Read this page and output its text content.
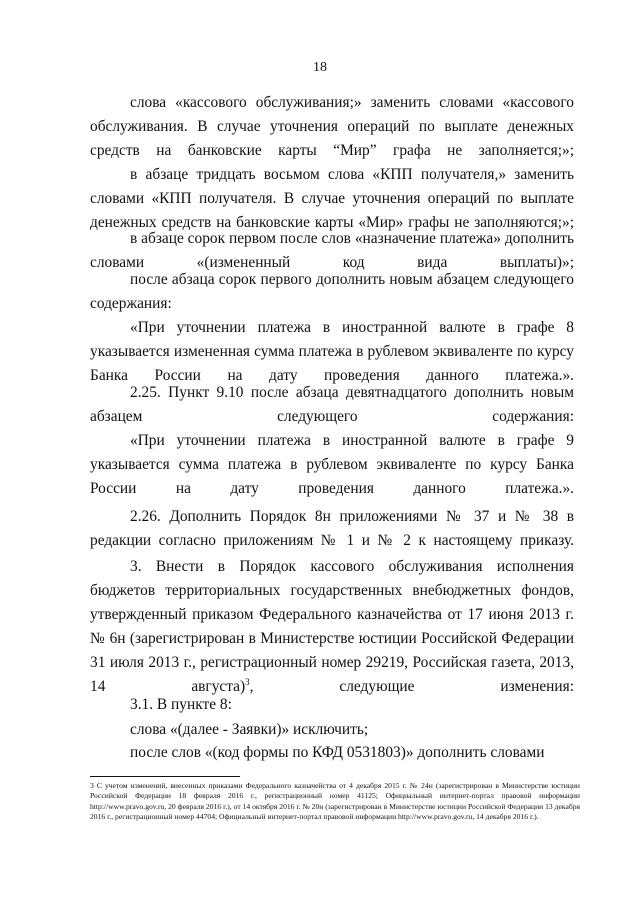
18
слова «кассового обслуживания;» заменить словами «кассового обслуживания. В случае уточнения операций по выплате денежных средств на банковские карты “Мир” графа не заполняется;»;
в абзаце тридцать восьмом слова «КПП получателя,» заменить словами «КПП получателя. В случае уточнения операций по выплате денежных средств на банковские карты «Мир» графы не заполняются;»;
в абзаце сорок первом после слов «назначение платежа» дополнить словами «(измененный код вида выплаты)»;
после абзаца сорок первого дополнить новым абзацем следующего содержания:
«При уточнении платежа в иностранной валюте в графе 8 указывается измененная сумма платежа в рублевом эквиваленте по курсу Банка России на дату проведения данного платежа.».
2.25. Пункт 9.10 после абзаца девятнадцатого дополнить новым абзацем следующего содержания:
«При уточнении платежа в иностранной валюте в графе 9 указывается сумма платежа в рублевом эквиваленте по курсу Банка России на дату проведения данного платежа.».
2.26. Дополнить Порядок 8н приложениями № 37 и № 38 в редакции согласно приложениям № 1 и № 2 к настоящему приказу.
3. Внести в Порядок кассового обслуживания исполнения бюджетов территориальных государственных внебюджетных фондов, утвержденный приказом Федерального казначейства от 17 июня 2013 г. № 6н (зарегистрирован в Министерстве юстиции Российской Федерации 31 июля 2013 г., регистрационный номер 29219, Российская газета, 2013, 14 августа)$^3$, следующие изменения:
3.1. В пункте 8:
слова «(далее - Заявки)» исключить;
после слов «(код формы по КФД 0531803)» дополнить словами
3 С учетом изменений, внесенных приказами Федерального казначейства от 4 декабря 2015 г. № 24н (зарегистрирован в Министерстве юстиции Российской Федерации 18 февраля 2016 г., регистрационный номер 41125; Официальный интернет-портал правовой информации http://www.pravo.gov.ru, 20 февраля 2016 г.), от 14 октября 2016 г. № 20н (зарегистрирован в Министерстве юстиции Российской Федерации 13 декабря 2016 г., регистрационный номер 44704; Официальный интернет-портал правовой информации http://www.pravo.gov.ru, 14 декабря 2016 г.).
